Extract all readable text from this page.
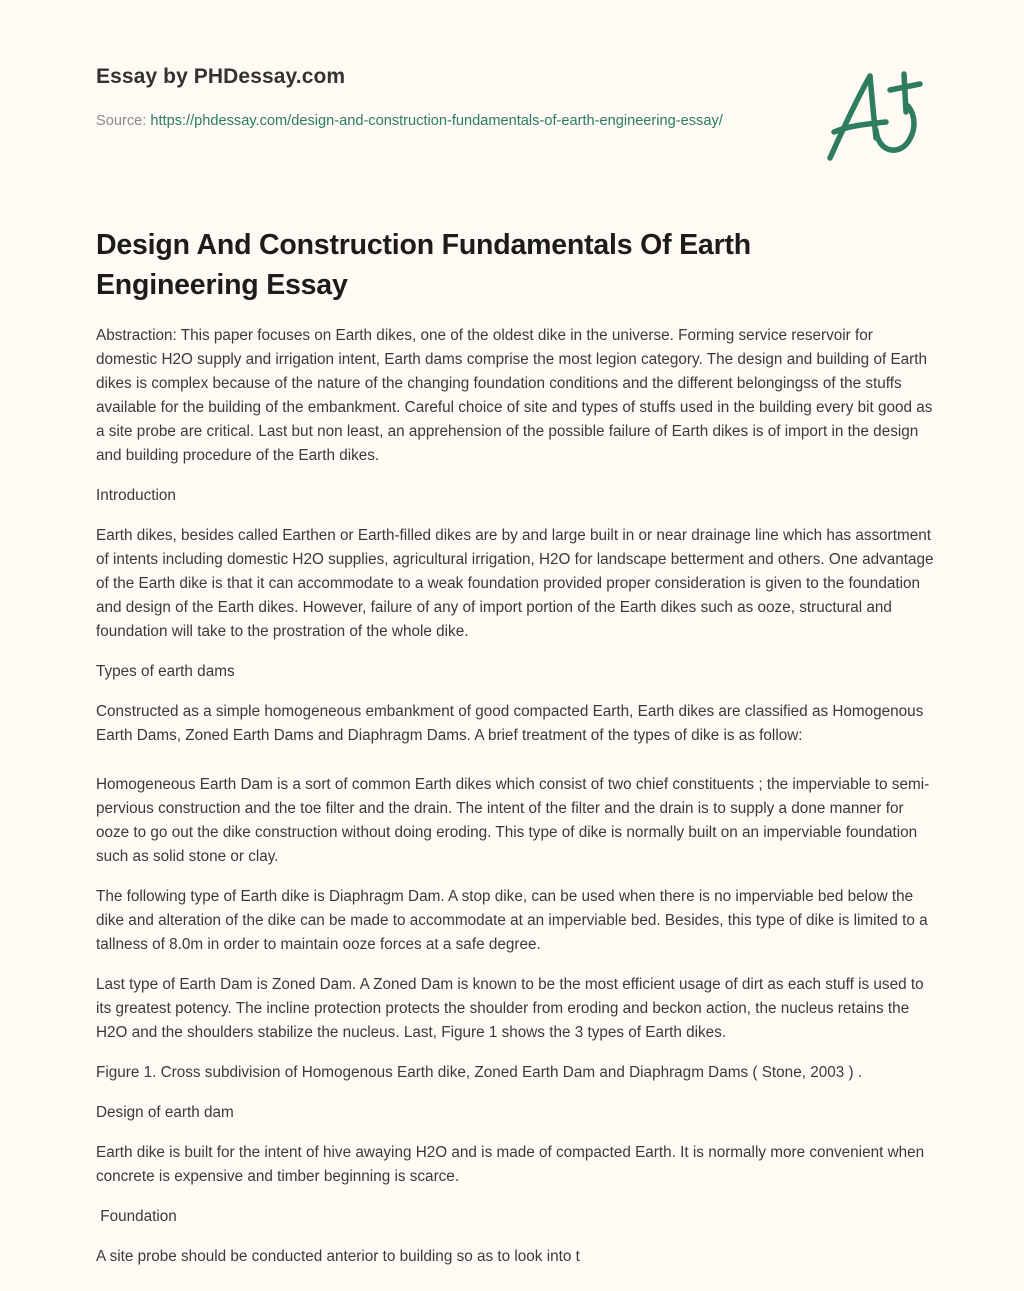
Essay by PHDessay.com
Source: https://phdessay.com/design-and-construction-fundamentals-of-earth-engineering-essay/
Design And Construction Fundamentals Of Earth Engineering Essay

Abstraction: This paper focuses on Earth dikes, one of the oldest dike in the universe. Forming service reservoir for domestic H2O supply and irrigation intent, Earth dams comprise the most legion category. The design and building of Earth dikes is complex because of the nature of the changing foundation conditions and the different belongingss of the stuffs available for the building of the embankment. Careful choice of site and types of stuffs used in the building every bit good as a site probe are critical. Last but non least, an apprehension of the possible failure of Earth dikes is of import in the design and building procedure of the Earth dikes.

Introduction

Earth dikes, besides called Earthen or Earth-filled dikes are by and large built in or near drainage line which has assortment of intents including domestic H2O supplies, agricultural irrigation, H2O for landscape betterment and others. One advantage of the Earth dike is that it can accommodate to a weak foundation provided proper consideration is given to the foundation and design of the Earth dikes. However, failure of any of import portion of the Earth dikes such as ooze, structural and foundation will take to the prostration of the whole dike.

Types of earth dams

Constructed as a simple homogeneous embankment of good compacted Earth, Earth dikes are classified as Homogenous Earth Dams, Zoned Earth Dams and Diaphragm Dams. A brief treatment of the types of dike is as follow:

Homogeneous Earth Dam is a sort of common Earth dikes which consist of two chief constituents ; the imperviable to semi-pervious construction and the toe filter and the drain. The intent of the filter and the drain is to supply a done manner for ooze to go out the dike construction without doing eroding. This type of dike is normally built on an imperviable foundation such as solid stone or clay.

The following type of Earth dike is Diaphragm Dam. A stop dike, can be used when there is no imperviable bed below the dike and alteration of the dike can be made to accommodate at an imperviable bed. Besides, this type of dike is limited to a tallness of 8.0m in order to maintain ooze forces at a safe degree.

Last type of Earth Dam is Zoned Dam. A Zoned Dam is known to be the most efficient usage of dirt as each stuff is used to its greatest potency. The incline protection protects the shoulder from eroding and beckon action, the nucleus retains the H2O and the shoulders stabilize the nucleus. Last, Figure 1 shows the 3 types of Earth dikes.

Figure 1. Cross subdivision of Homogenous Earth dike, Zoned Earth Dam and Diaphragm Dams ( Stone, 2003 ) .

Design of earth dam

Earth dike is built for the intent of hive awaying H2O and is made of compacted Earth. It is normally more convenient when concrete is expensive and timber beginning is scarce.

Foundation

A site probe should be conducted anterior to building so as to look into t
